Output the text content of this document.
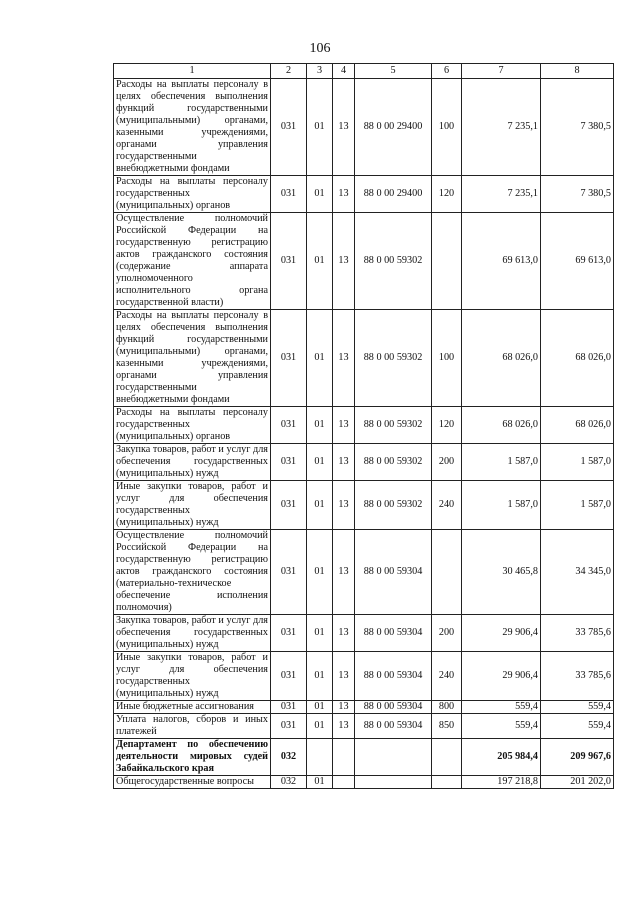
106
1	2	3	4	5	6	7	8
Расходы на выплаты персоналу в целях обеспечения выполнения функций государственными (муниципальными) органами, казенными учреждениями, органами управления государственными внебюджетными фондами	031	01	13	88 0 00 29400	100	7 235,1	7 380,5
Расходы на выплаты персоналу государственных (муниципальных) органов	031	01	13	88 0 00 29400	120	7 235,1	7 380,5
Осуществление полномочий Российской Федерации на государственную регистрацию актов гражданского состояния (содержание аппарата уполномоченного исполнительного органа государственной власти)	031	01	13	88 0 00 59302		69 613,0	69 613,0
Расходы на выплаты персоналу в целях обеспечения выполнения функций государственными (муниципальными) органами, казенными учреждениями, органами управления государственными внебюджетными фондами	031	01	13	88 0 00 59302	100	68 026,0	68 026,0
Расходы на выплаты персоналу государственных (муниципальных) органов	031	01	13	88 0 00 59302	120	68 026,0	68 026,0
Закупка товаров, работ и услуг для обеспечения государственных (муниципальных) нужд	031	01	13	88 0 00 59302	200	1 587,0	1 587,0
Иные закупки товаров, работ и услуг для обеспечения государственных (муниципальных) нужд	031	01	13	88 0 00 59302	240	1 587,0	1 587,0
Осуществление полномочий Российской Федерации на государственную регистрацию актов гражданского состояния (материально-техническое обеспечение исполнения полномочия)	031	01	13	88 0 00 59304		30 465,8	34 345,0
Закупка товаров, работ и услуг для обеспечения государственных (муниципальных) нужд	031	01	13	88 0 00 59304	200	29 906,4	33 785,6
Иные закупки товаров, работ и услуг для обеспечения государственных (муниципальных) нужд	031	01	13	88 0 00 59304	240	29 906,4	33 785,6
Иные бюджетные ассигнования	031	01	13	88 0 00 59304	800	559,4	559,4
Уплата налогов, сборов и иных платежей	031	01	13	88 0 00 59304	850	559,4	559,4
Департамент по обеспечению деятельности мировых судей Забайкальского края	032					205 984,4	209 967,6
Общегосударственные вопросы	032	01				197 218,8	201 202,0
